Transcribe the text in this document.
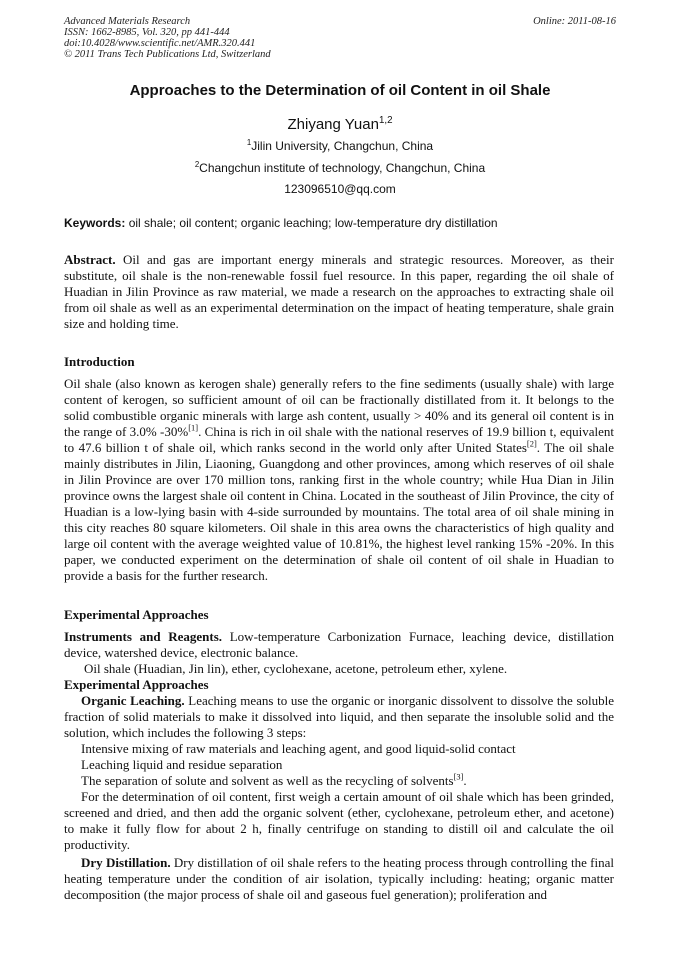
Advanced Materials Research
ISSN: 1662-8985, Vol. 320, pp 441-444
doi:10.4028/www.scientific.net/AMR.320.441
© 2011 Trans Tech Publications Ltd, Switzerland
Online: 2011-08-16
Approaches to the Determination of oil Content in oil Shale
Zhiyang Yuan$^{1,2}$
$^1$Jilin University, Changchun, China
$^2$Changchun institute of technology, Changchun, China
123096510@qq.com
Keywords: oil shale; oil content; organic leaching; low-temperature dry distillation

Abstract. Oil and gas are important energy minerals and strategic resources. Moreover, as their substitute, oil shale is the non-renewable fossil fuel resource. In this paper, regarding the oil shale of Huadian in Jilin Province as raw material, we made a research on the approaches to extracting shale oil from oil shale as well as an experimental determination on the impact of heating temperature, shale grain size and holding time.

Introduction

Oil shale (also known as kerogen shale) generally refers to the fine sediments (usually shale) with large content of kerogen, so sufficient amount of oil can be fractionally distillated from it. It belongs to the solid combustible organic minerals with large ash content, usually > 40% and its general oil content is in the range of 3.0% -30%[1]. China is rich in oil shale with the national reserves of 19.9 billion t, equivalent to 47.6 billion t of shale oil, which ranks second in the world only after United States[2]. The oil shale mainly distributes in Jilin, Liaoning, Guangdong and other provinces, among which reserves of oil shale in Jilin Province are over 170 million tons, ranking first in the whole country; while Hua Dian in Jilin province owns the largest shale oil content in China. Located in the southeast of Jilin Province, the city of Huadian is a low-lying basin with 4-side surrounded by mountains. The total area of oil shale mining in this city reaches 80 square kilometers. Oil shale in this area owns the characteristics of high quality and large oil content with the average weighted value of 10.81%, the highest level ranking 15% -20%. In this paper, we conducted experiment on the determination of shale oil content of oil shale in Huadian to provide a basis for the further research.

Experimental Approaches

Instruments and Reagents. Low-temperature Carbonization Furnace, leaching device, distillation device, watershed device, electronic balance.

Oil shale (Huadian, Jin lin), ether, cyclohexane, acetone, petroleum ether, xylene.

Experimental Approaches

Organic Leaching. Leaching means to use the organic or inorganic dissolvent to dissolve the soluble fraction of solid materials to make it dissolved into liquid, and then separate the insoluble solid and the solution, which includes the following 3 steps:

Intensive mixing of raw materials and leaching agent, and good liquid-solid contact

Leaching liquid and residue separation

The separation of solute and solvent as well as the recycling of solvents[3].

For the determination of oil content, first weigh a certain amount of oil shale which has been grinded, screened and dried, and then add the organic solvent (ether, cyclohexane, petroleum ether, and acetone) to make it fully flow for about 2 h, finally centrifuge on standing to distill oil and calculate the oil productivity.

Dry Distillation. Dry distillation of oil shale refers to the heating process through controlling the final heating temperature under the condition of air isolation, typically including: heating; organic matter decomposition (the major process of shale oil and gaseous fuel generation); proliferation and
